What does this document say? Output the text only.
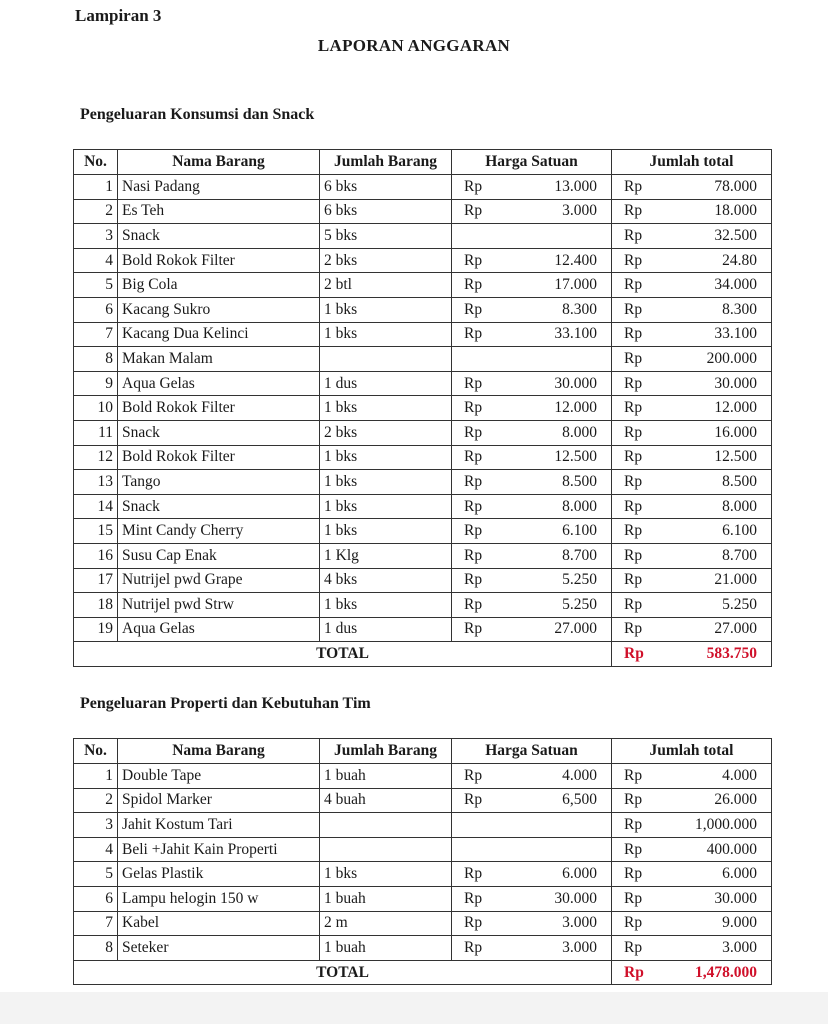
Lampiran 3
LAPORAN ANGGARAN
Pengeluaran Konsumsi dan Snack
No.	Nama Barang	Jumlah Barang	Harga Satuan	Jumlah total
1	Nasi Padang	6 bks	Rp 13.000	Rp 78.000

2	Es Teh	6 bks	Rp 3.000	Rp 18.000

3	Snack	5 bks		Rp 32.500

4	Bold Rokok Filter	2 bks	Rp 12.400	Rp 24.80

5	Big Cola	2 btl	Rp 17.000	Rp 34.000

6	Kacang Sukro	1 bks	Rp 8.300	Rp 8.300

7	Kacang Dua Kelinci	1 bks	Rp 33.100	Rp 33.100

8	Makan Malam			Rp 200.000

9	Aqua Gelas	1 dus	Rp 30.000	Rp 30.000

10	Bold Rokok Filter	1 bks	Rp 12.000	Rp 12.000

11	Snack	2 bks	Rp 8.000	Rp 16.000

12	Bold Rokok Filter	1 bks	Rp 12.500	Rp 12.500

13	Tango	1 bks	Rp 8.500	Rp 8.500

14	Snack	1 bks	Rp 8.000	Rp 8.000

15	Mint Candy Cherry	1 bks	Rp 6.100	Rp 6.100

16	Susu Cap Enak	1 Klg	Rp 8.700	Rp 8.700

17	Nutrijel pwd Grape	4 bks	Rp 5.250	Rp 21.000

18	Nutrijel pwd Strw	1 bks	Rp 5.250	Rp 5.250

19	Aqua Gelas	1 dus	Rp 27.000	Rp 27.000

TOTAL				Rp 583.750
Pengeluaran Properti dan Kebutuhan Tim
No.	Nama Barang	Jumlah Barang	Harga Satuan	Jumlah total
1	Double Tape	1 buah	Rp 4.000	Rp 4.000

2	Spidol Marker	4 buah	Rp 6,500	Rp 26.000

3	Jahit Kostum Tari			Rp 1,000.000

4	Beli +Jahit Kain Properti			Rp 400.000

5	Gelas Plastik	1 bks	Rp 6.000	Rp 6.000

6	Lampu helogin 150 w	1 buah	Rp 30.000	Rp 30.000

7	Kabel	2 m	Rp 3.000	Rp 9.000

8	Seteker	1 buah	Rp 3.000	Rp 3.000

TOTAL				Rp 1,478.000
